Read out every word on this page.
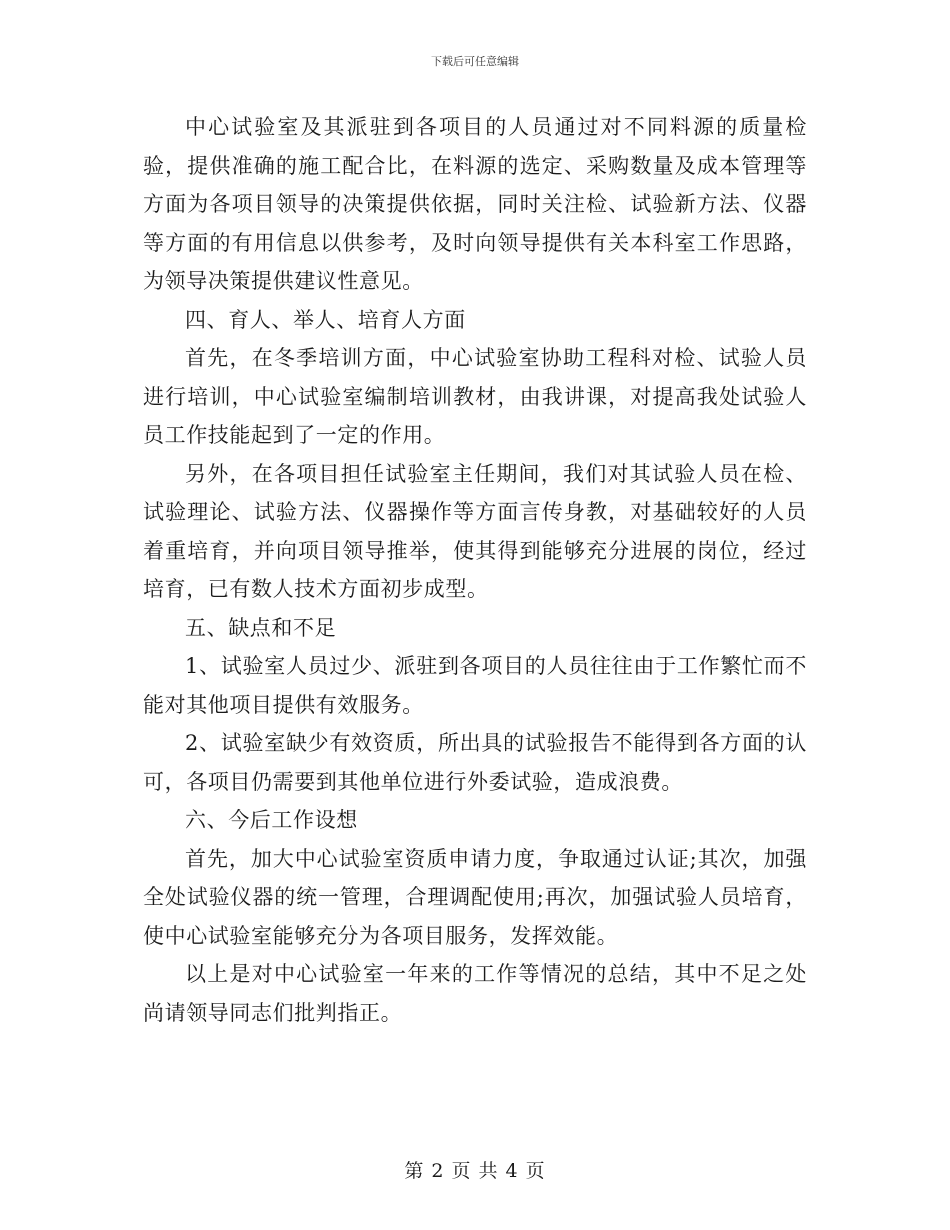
下载后可任意编辑

中心试验室及其派驻到各项目的人员通过对不同料源的质量检验，提供准确的施工配合比，在料源的选定、采购数量及成本管理等方面为各项目领导的决策提供依据，同时关注检、试验新方法、仪器等方面的有用信息以供参考，及时向领导提供有关本科室工作思路，为领导决策提供建议性意见。

四、育人、举人、培育人方面

首先，在冬季培训方面，中心试验室协助工程科对检、试验人员进行培训，中心试验室编制培训教材，由我讲课，对提高我处试验人员工作技能起到了一定的作用。

另外，在各项目担任试验室主任期间，我们对其试验人员在检、试验理论、试验方法、仪器操作等方面言传身教，对基础较好的人员着重培育，并向项目领导推举，使其得到能够充分进展的岗位，经过培育，已有数人技术方面初步成型。

五、缺点和不足

1、试验室人员过少、派驻到各项目的人员往往由于工作繁忙而不能对其他项目提供有效服务。

2、试验室缺少有效资质，所出具的试验报告不能得到各方面的认可，各项目仍需要到其他单位进行外委试验，造成浪费。

六、今后工作设想

首先，加大中心试验室资质申请力度，争取通过认证;其次，加强全处试验仪器的统一管理，合理调配使用;再次，加强试验人员培育，使中心试验室能够充分为各项目服务，发挥效能。

以上是对中心试验室一年来的工作等情况的总结，其中不足之处尚请领导同志们批判指正。

第 2 页 共 4 页
